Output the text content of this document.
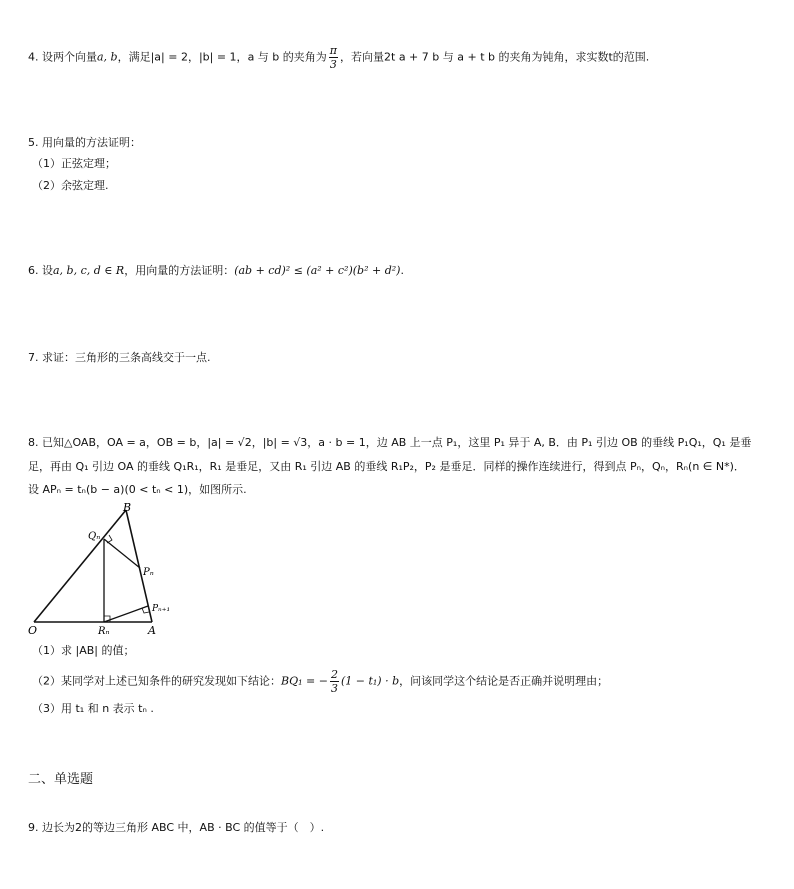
4. 设两个向量a, b，满足|a| = 2，|b| = 1，a 与 b 的夹角为 $\frac{\pi}{3}$ ，若向量2t a + 7 b 与 a + t b 的夹角为钝角，求实数t的范围.
5. 用向量的方法证明：
（1）正弦定理；
（2）余弦定理.
6. 设a, b, c, d ∈ R，用向量的方法证明：(ab + cd)² ≤ (a² + c²)(b² + d²).
7. 求证：三角形的三条高线交于一点.
8. 已知△OAB，OA = a，OB = b，|a| = √2，|b| = √3，a · b = 1，边 AB 上一点 P₁，这里 P₁ 异于 A, B．由 P₁ 引边 OB 的垂线 P₁Q₁，Q₁ 是垂
足，再由 Q₁ 引边 OA 的垂线 Q₁R₁，R₁ 是垂足，又由 R₁ 引边 AB 的垂线 R₁P₂，P₂ 是垂足．同样的操作连续进行，得到点 Pₙ，Qₙ，Rₙ(n ∈ N*)．
设 APₙ = tₙ(b − a)(0 < tₙ < 1)，如图所示.
O	A
B
Qₙ
Pₙ
Rₙ
Pₙ₊₁
（1）求 |AB| 的值；
（2）某同学对上述已知条件的研究发现如下结论：BQ₁ = − $\frac{2}{3} (1 - t_1) \cdot b$，问该同学这个结论是否正确并说明理由；
（3）用 t₁ 和 n 表示 tₙ .
二、单选题
9. 边长为2的等边三角形 ABC 中，AB · BC 的值等于（　）.
